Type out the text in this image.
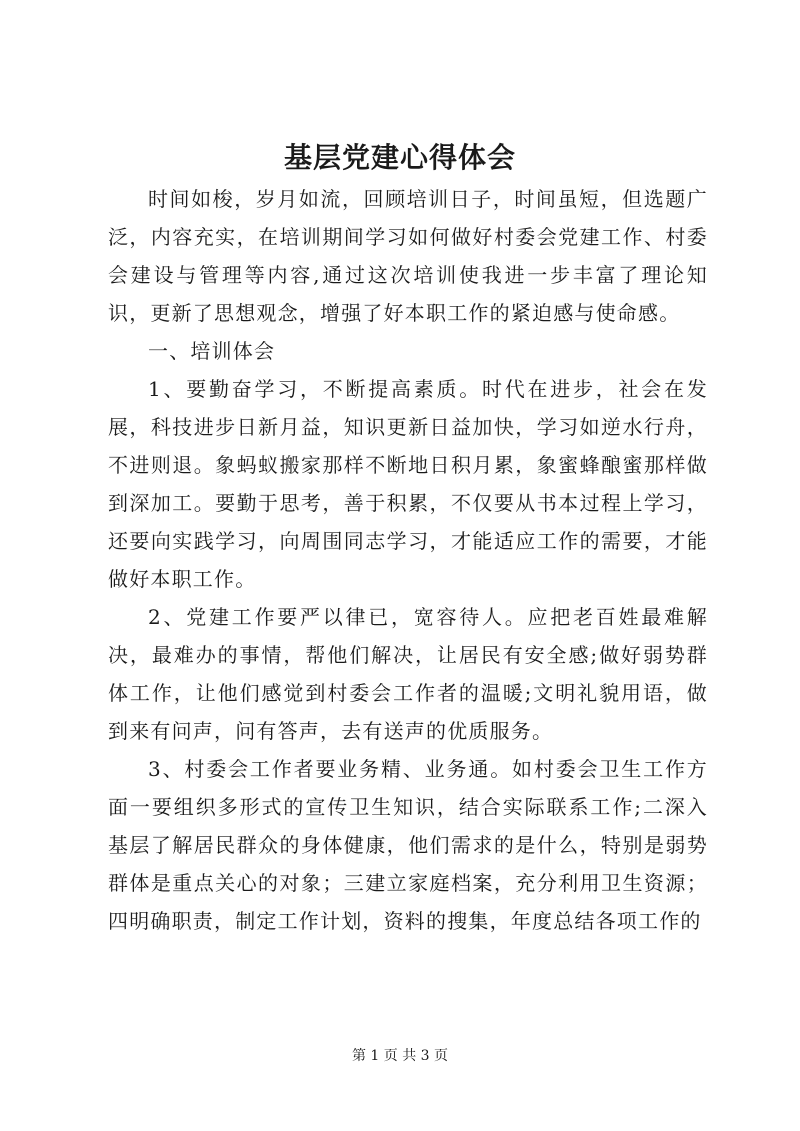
基层党建心得体会

时间如梭，岁月如流，回顾培训日子，时间虽短，但选题广泛，内容充实，在培训期间学习如何做好村委会党建工作、村委会建设与管理等内容,通过这次培训使我进一步丰富了理论知识，更新了思想观念，增强了好本职工作的紧迫感与使命感。

一、培训体会

1、要勤奋学习，不断提高素质。时代在进步，社会在发展，科技进步日新月益，知识更新日益加快，学习如逆水行舟，不进则退。象蚂蚁搬家那样不断地日积月累，象蜜蜂酿蜜那样做到深加工。要勤于思考，善于积累，不仅要从书本过程上学习，还要向实践学习，向周围同志学习，才能适应工作的需要，才能做好本职工作。

2、党建工作要严以律已，宽容待人。应把老百姓最难解决，最难办的事情，帮他们解决，让居民有安全感;做好弱势群体工作，让他们感觉到村委会工作者的温暖;文明礼貌用语，做到来有问声，问有答声，去有送声的优质服务。

3、村委会工作者要业务精、业务通。如村委会卫生工作方面一要组织多形式的宣传卫生知识，结合实际联系工作;二深入基层了解居民群众的身体健康，他们需求的是什么，特别是弱势群体是重点关心的对象；三建立家庭档案，充分利用卫生资源；四明确职责，制定工作计划，资料的搜集，年度总结各项工作的

第 1 页 共 3 页
